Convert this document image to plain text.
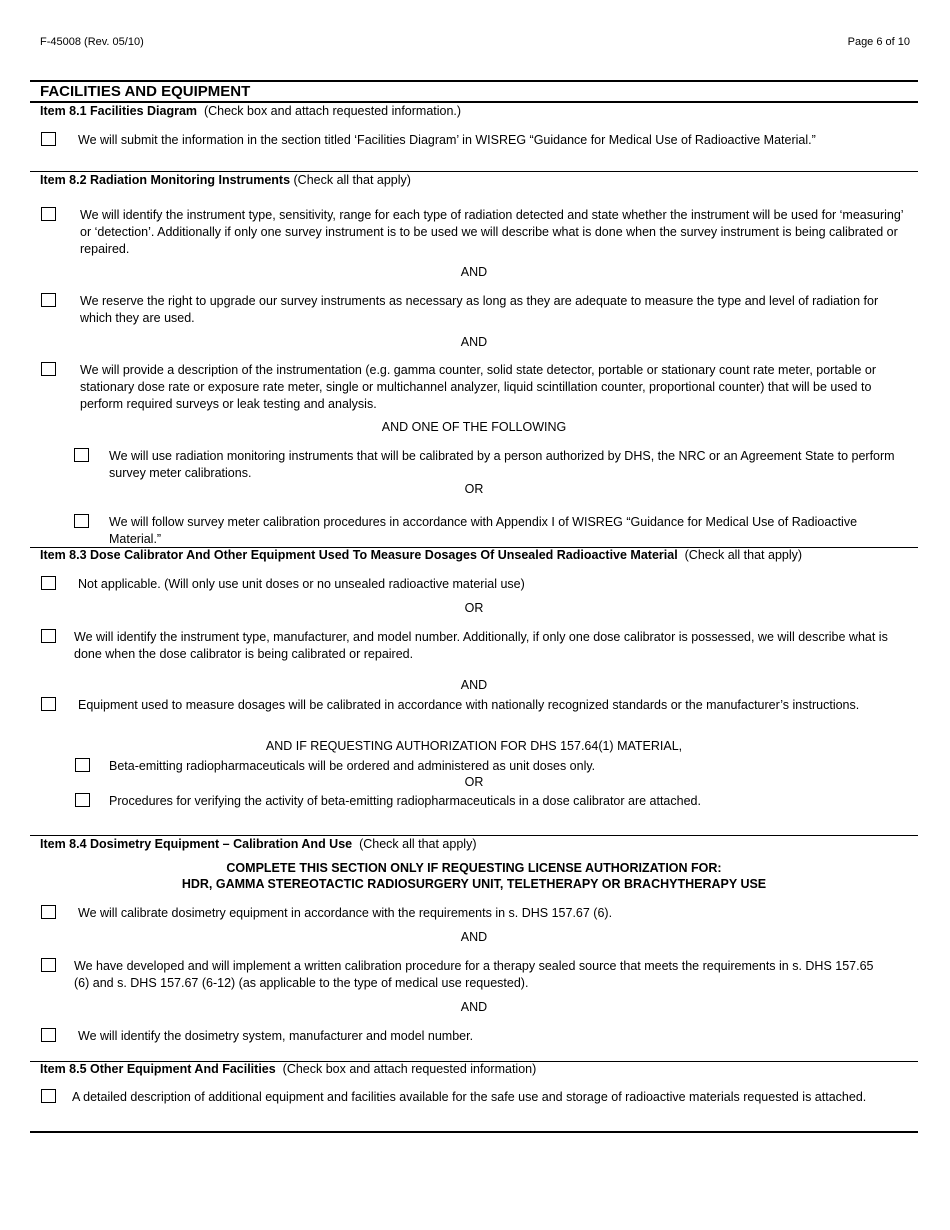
F-45008 (Rev. 05/10)	Page 6 of 10
FACILITIES AND EQUIPMENT
Item 8.1 Facilities Diagram (Check box and attach requested information.)
We will submit the information in the section titled ‘Facilities Diagram’ in WISREG “Guidance for Medical Use of Radioactive Material.”
Item 8.2 Radiation Monitoring Instruments (Check all that apply)
We will identify the instrument type, sensitivity, range for each type of radiation detected and state whether the instrument will be used for ‘measuring’ or ‘detection’. Additionally if only one survey instrument is to be used we will describe what is done when the survey instrument is being calibrated or repaired.
AND
We reserve the right to upgrade our survey instruments as necessary as long as they are adequate to measure the type and level of radiation for which they are used.
AND
We will provide a description of the instrumentation (e.g. gamma counter, solid state detector, portable or stationary count rate meter, portable or stationary dose rate or exposure rate meter, single or multichannel analyzer, liquid scintillation counter, proportional counter) that will be used to perform required surveys or leak testing and analysis.
AND ONE OF THE FOLLOWING
We will use radiation monitoring instruments that will be calibrated by a person authorized by DHS, the NRC or an Agreement State to perform survey meter calibrations.
OR
We will follow survey meter calibration procedures in accordance with Appendix I of WISREG “Guidance for Medical Use of Radioactive Material.”
Item 8.3 Dose Calibrator And Other Equipment Used To Measure Dosages Of Unsealed Radioactive Material (Check all that apply)
Not applicable. (Will only use unit doses or no unsealed radioactive material use)
OR
We will identify the instrument type, manufacturer, and model number. Additionally, if only one dose calibrator is possessed, we will describe what is done when the dose calibrator is being calibrated or repaired.
AND
Equipment used to measure dosages will be calibrated in accordance with nationally recognized standards or the manufacturer’s instructions.
AND IF REQUESTING AUTHORIZATION FOR DHS 157.64(1) MATERIAL,
Beta-emitting radiopharmaceuticals will be ordered and administered as unit doses only.
OR
Procedures for verifying the activity of beta-emitting radiopharmaceuticals in a dose calibrator are attached.
Item 8.4 Dosimetry Equipment – Calibration And Use (Check all that apply)
COMPLETE THIS SECTION ONLY IF REQUESTING LICENSE AUTHORIZATION FOR:
HDR, GAMMA STEREOTACTIC RADIOSURGERY UNIT, TELETHERAPY OR BRACHYTHERAPY USE
We will calibrate dosimetry equipment in accordance with the requirements in s. DHS 157.67 (6).
AND
We have developed and will implement a written calibration procedure for a therapy sealed source that meets the requirements in s. DHS 157.65 (6) and s. DHS 157.67 (6-12) (as applicable to the type of medical use requested).
AND
We will identify the dosimetry system, manufacturer and model number.
Item 8.5 Other Equipment And Facilities (Check box and attach requested information)
A detailed description of additional equipment and facilities available for the safe use and storage of radioactive materials requested is attached.
